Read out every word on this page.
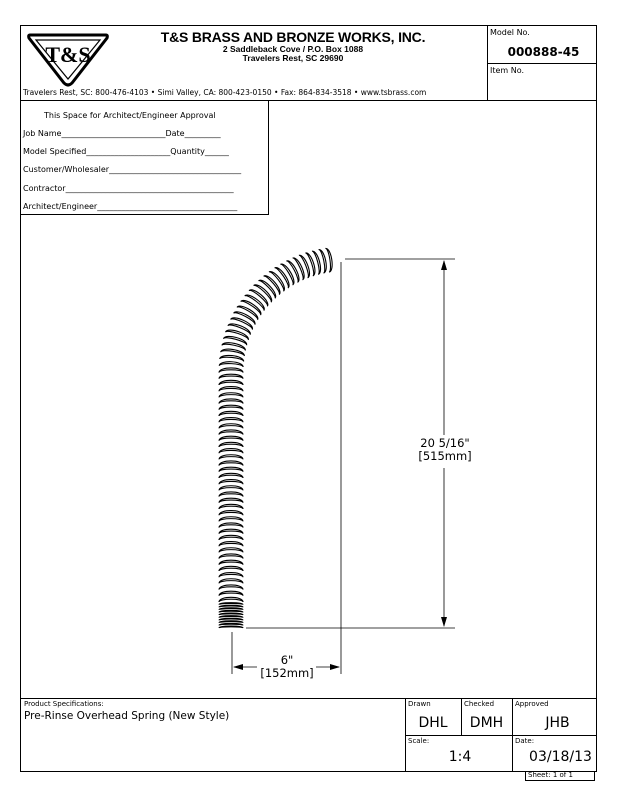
T&S
T&S BRASS AND BRONZE WORKS, INC.
2 Saddleback Cove / P.O. Box 1088
Travelers Rest, SC 29690
Travelers Rest, SC: 800-476-4103 • Simi Valley, CA: 800-423-0150 • Fax: 864-834-3518 • www.tsbrass.com
Model No.
000888-45
Item No.
This Space for Architect/Engineer Approval
Job Name__________________________Date_________
Model Specified_____________________Quantity______
Customer/Wholesaler_________________________________
Contractor__________________________________________
Architect/Engineer___________________________________
20 5/16"
[515mm]
6"
[152mm]
Product Specifications:
Pre-Rinse Overhead Spring (New Style)
Drawn
DHL
Checked
DMH
Approved
JHB
Scale:
1:4
Date:
03/18/13
Sheet: 1 of 1
